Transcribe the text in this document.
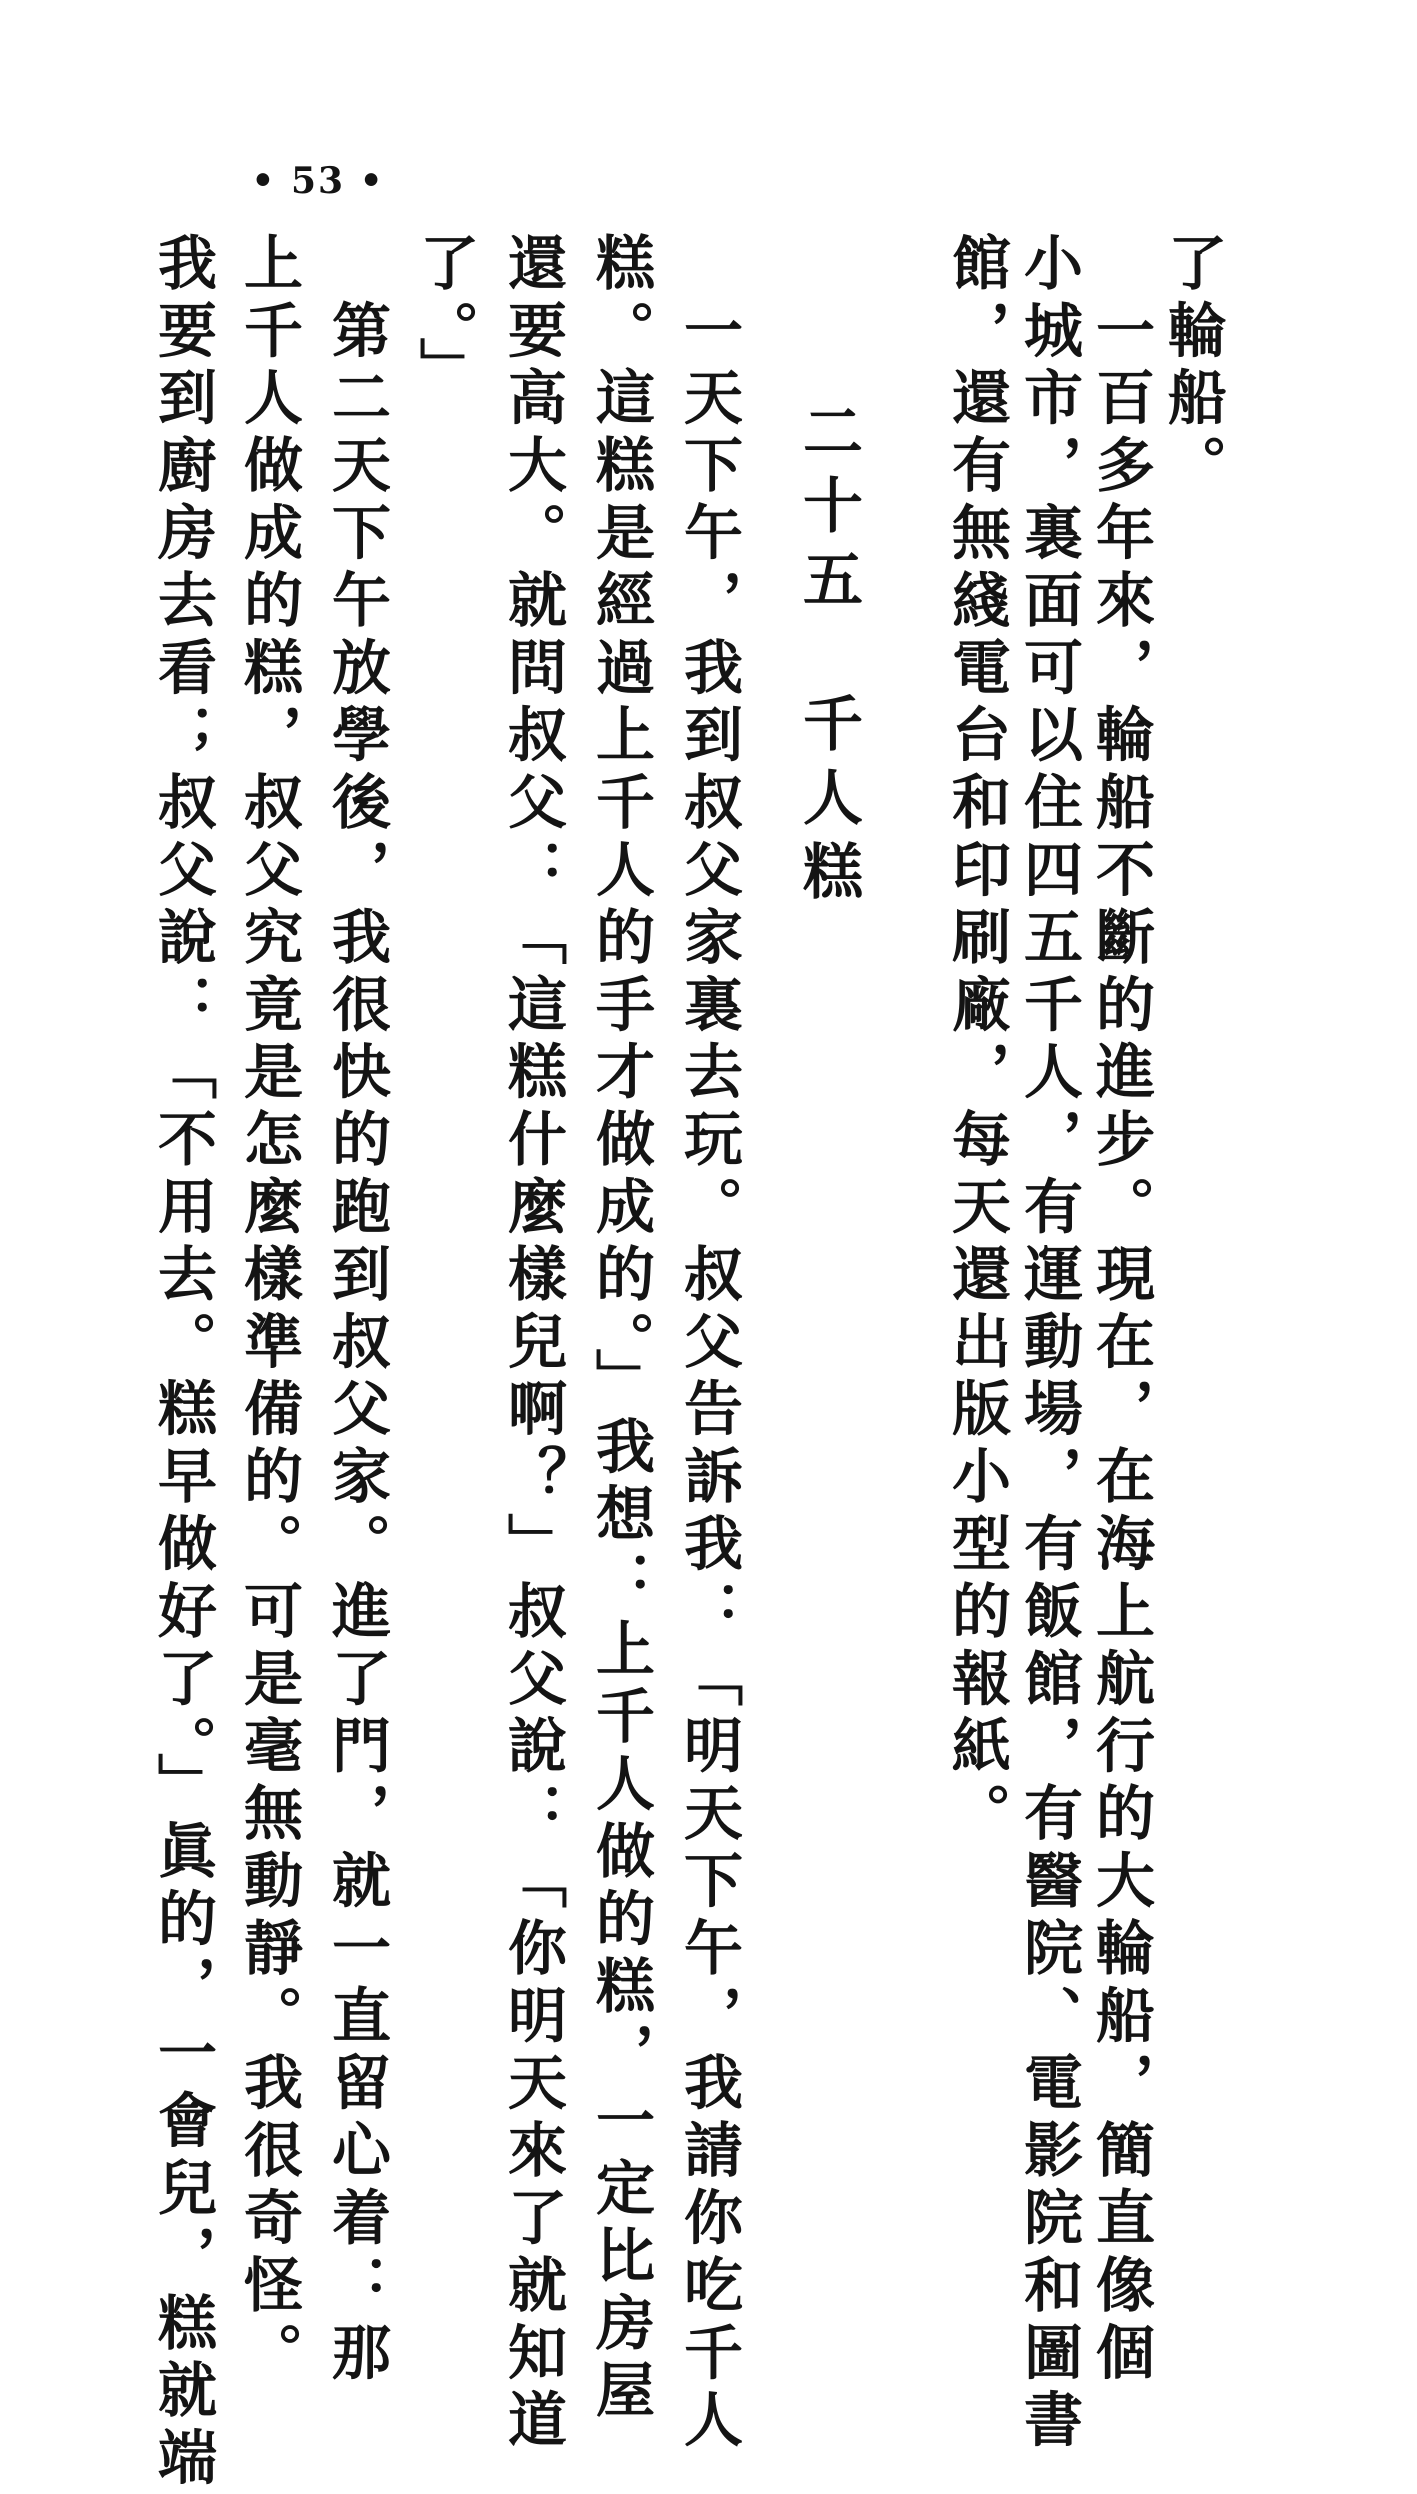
• 53 •
了輪船。
　一百多年來，輪船不斷的進步。現在，在海上航行的大輪船，簡直像個
小城市，裏面可以住四五千人，有運動場，有飯館，有醫院、電影院和圖書
館，還有無綫電台和印刷廠，每天還出版小型的報紙。
二十五千人糕
　一天下午，我到叔父家裏去玩。叔父告訴我：「明天下午，我請你吃千人
糕。這糕是經過上千人的手才做成的。」我想：上千人做的糕，一定比房屋
還要高大。就問叔父：「這糕什麼樣兒啊？」叔父說：「你明天來了就知道
了。」
　第二天下午放學後，我很快的跑到叔父家。進了門，就一直留心着：那
上千人做成的糕，叔父究竟是怎麼樣準備的。可是毫無動靜。我很奇怪。
我要到廚房去看；叔父說：「不用去。糕早做好了。」眞的，一會兒，糕就端
